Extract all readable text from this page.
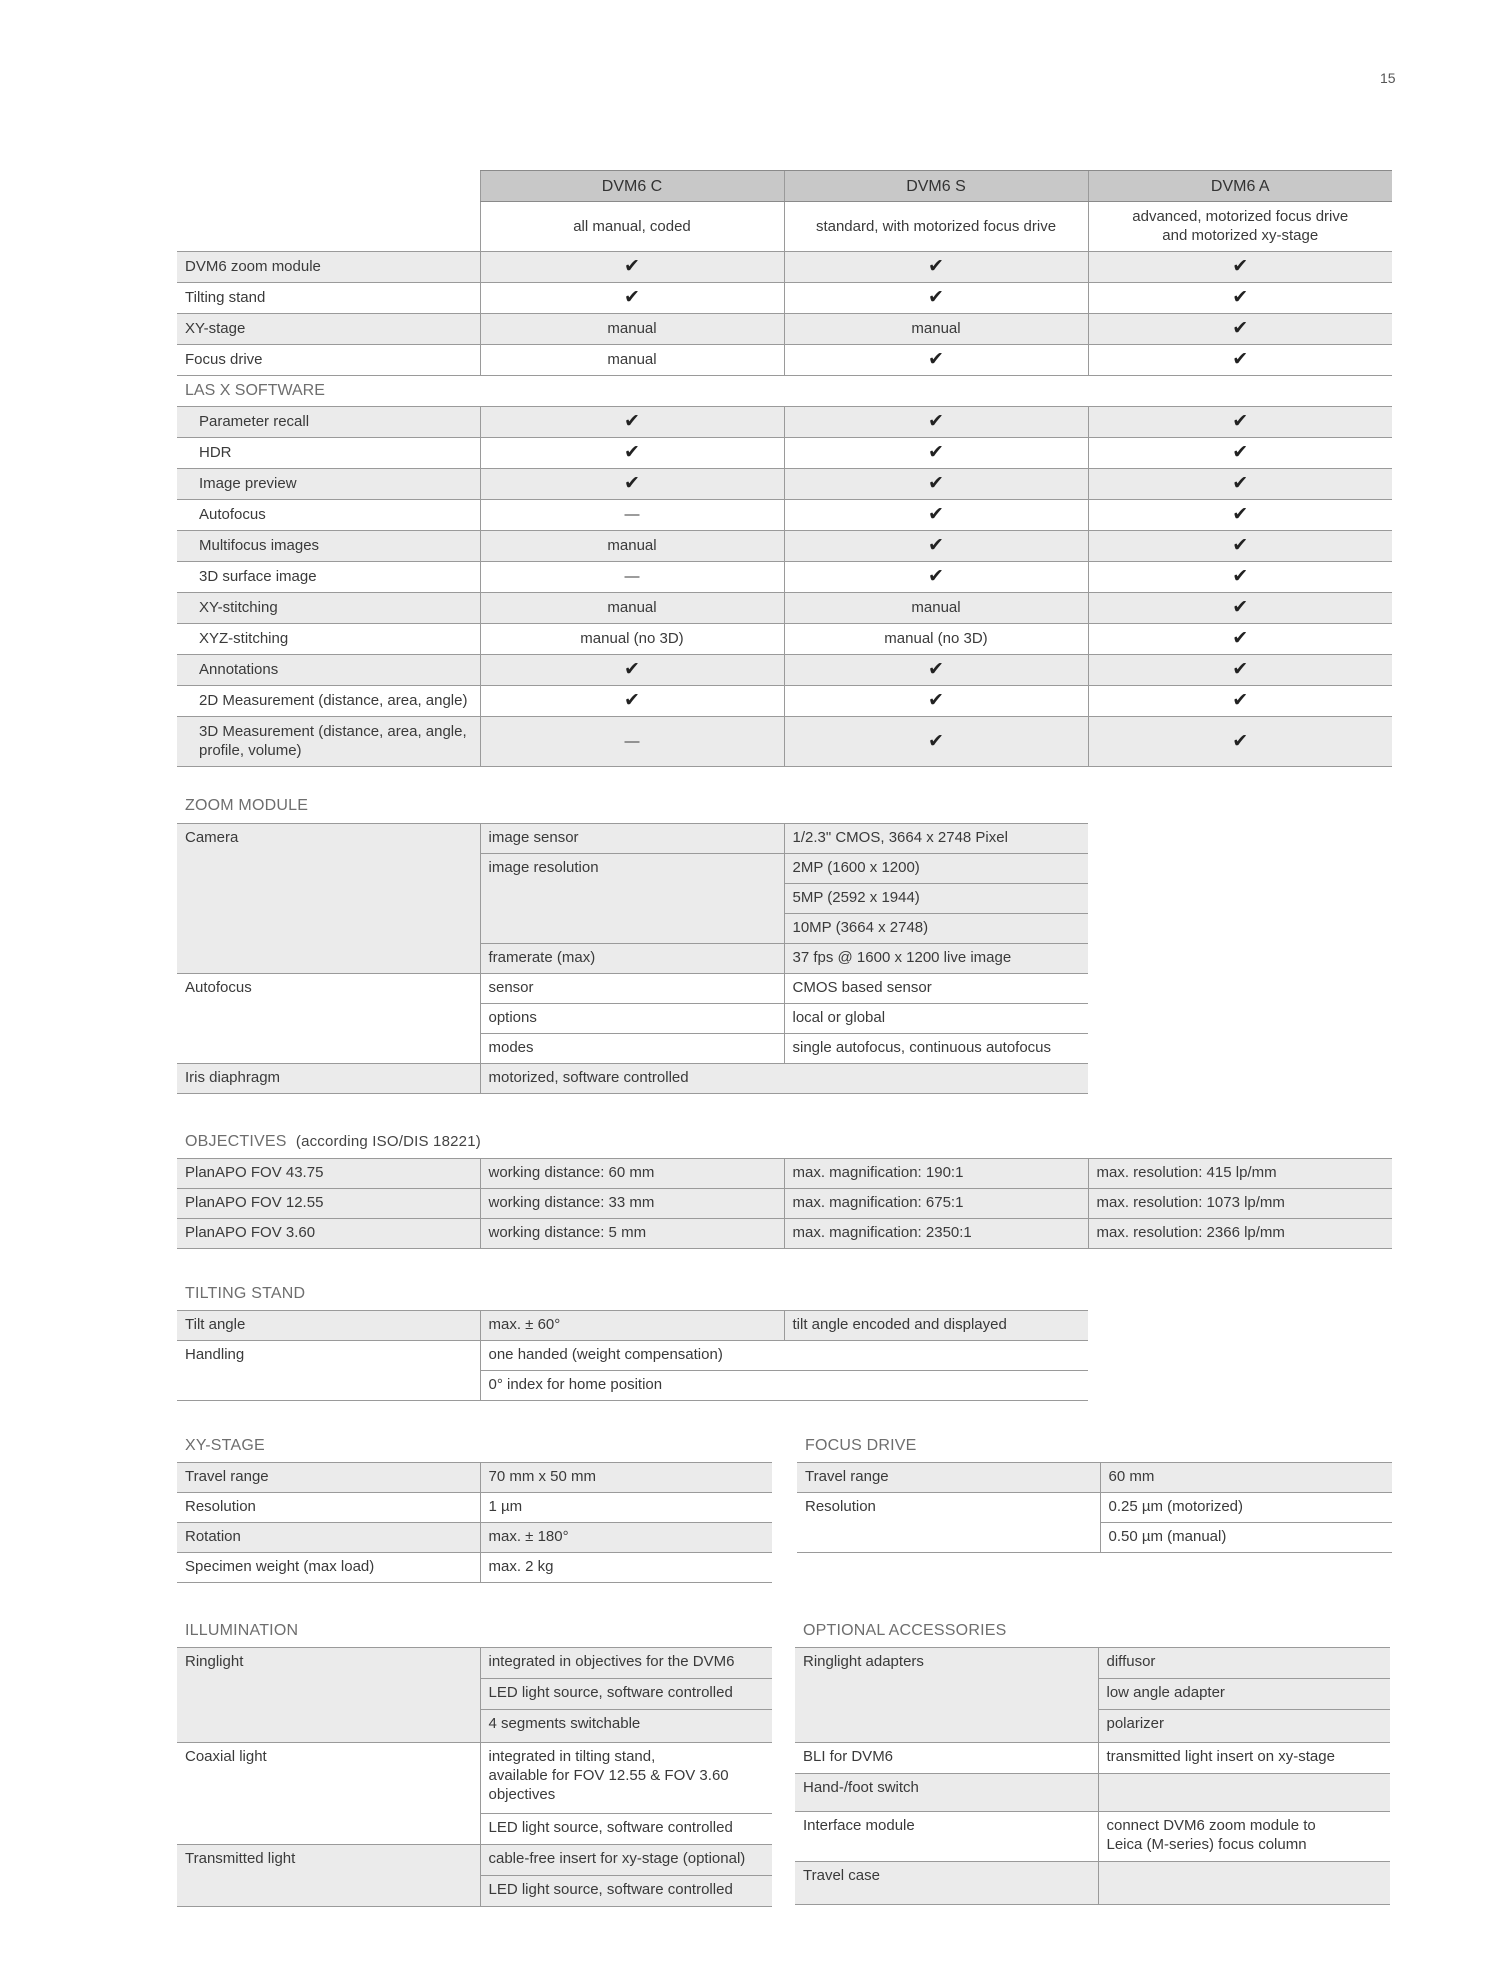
15
	DVM6 C	DVM6 S	DVM6 A
	all manual, coded	standard, with motorized focus drive	advanced, motorized focus drive
and motorized xy-stage
DVM6 zoom module	✔	✔	✔
Tilting stand	✔	✔	✔
XY-stage	manual	manual	✔
Focus drive	manual	✔	✔
LAS X SOFTWARE			
Parameter recall	✔	✔	✔
HDR	✔	✔	✔
Image preview	✔	✔	✔
Autofocus	—	✔	✔
Multifocus images	manual	✔	✔
3D surface image	—	✔	✔
XY-stitching	manual	manual	✔
XYZ-stitching	manual (no 3D)	manual (no 3D)	✔
Annotations	✔	✔	✔
2D Measurement (distance, area, angle)	✔	✔	✔
3D Measurement (distance, area, angle,
profile, volume)	—	✔	✔
ZOOM MODULE
Camera	image sensor	1/2.3" CMOS, 3664 x 2748 Pixel
	image resolution	2MP (1600 x 1200)
		5MP (2592 x 1944)
		10MP (3664 x 2748)
	framerate (max)	37 fps @ 1600 x 1200 live image
Autofocus	sensor	CMOS based sensor
	options	local or global
	modes	single autofocus, continuous autofocus
Iris diaphragm	motorized, software controlled	
OBJECTIVES (according ISO/DIS 18221)
PlanAPO FOV 43.75	working distance: 60 mm	max. magnification: 190:1	max. resolution: 415 lp/mm
PlanAPO FOV 12.55	working distance: 33 mm	max. magnification: 675:1	max. resolution: 1073 lp/mm
PlanAPO FOV 3.60	working distance: 5 mm	max. magnification: 2350:1	max. resolution: 2366 lp/mm
TILTING STAND
Tilt angle	max. ± 60°	tilt angle encoded and displayed
Handling	one handed (weight compensation)	
	0° index for home position	
XY-STAGE
Travel range	70 mm x 50 mm
Resolution	1 µm
Rotation	max. ± 180°
Specimen weight (max load)	max. 2 kg
FOCUS DRIVE
Travel range	60 mm
Resolution	0.25 µm (motorized)
	0.50 µm (manual)
ILLUMINATION
Ringlight	integrated in objectives for the DVM6
	LED light source, software controlled
	4 segments switchable
Coaxial light	integrated in tilting stand,
available for FOV 12.55 & FOV 3.60
objectives
	LED light source, software controlled
Transmitted light	cable-free insert for xy-stage (optional)
	LED light source, software controlled
OPTIONAL ACCESSORIES
Ringlight adapters	diffusor
	low angle adapter
	polarizer
BLI for DVM6	transmitted light insert on xy-stage
Hand-/foot switch	
Interface module	connect DVM6 zoom module to
Leica (M-series) focus column
Travel case	
